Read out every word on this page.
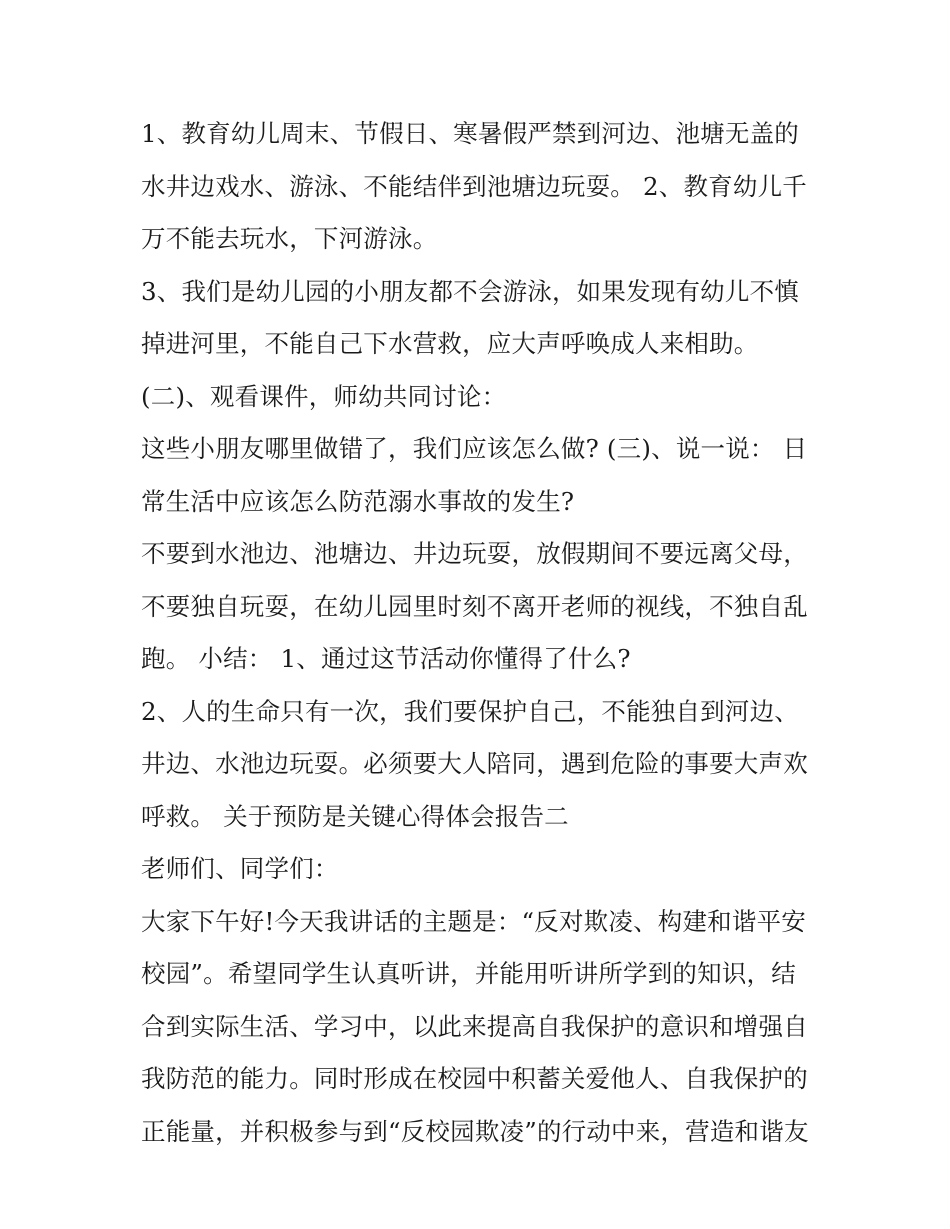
1、教育幼儿周末、节假日、寒暑假严禁到河边、池塘无盖的水井边戏水、游泳、不能结伴到池塘边玩耍。 2、教育幼儿千万不能去玩水，下河游泳。

3、我们是幼儿园的小朋友都不会游泳，如果发现有幼儿不慎掉进河里，不能自己下水营救，应大声呼唤成人来相助。

(二)、观看课件，师幼共同讨论：

这些小朋友哪里做错了，我们应该怎么做? (三)、说一说： 日常生活中应该怎么防范溺水事故的发生?

不要到水池边、池塘边、井边玩耍，放假期间不要远离父母，不要独自玩耍，在幼儿园里时刻不离开老师的视线，不独自乱跑。 小结： 1、通过这节活动你懂得了什么?

2、人的生命只有一次，我们要保护自己，不能独自到河边、井边、水池边玩耍。必须要大人陪同，遇到危险的事要大声欢呼救。 关于预防是关键心得体会报告二

老师们、同学们：

大家下午好!今天我讲话的主题是：“反对欺凌、构建和谐平安校园”。希望同学生认真听讲，并能用听讲所学到的知识，结合到实际生活、学习中，以此来提高自我保护的意识和增强自我防范的能力。同时形成在校园中积蓄关爱他人、自我保护的正能量，并积极参与到“反校园欺凌”的行动中来，营造和谐友
